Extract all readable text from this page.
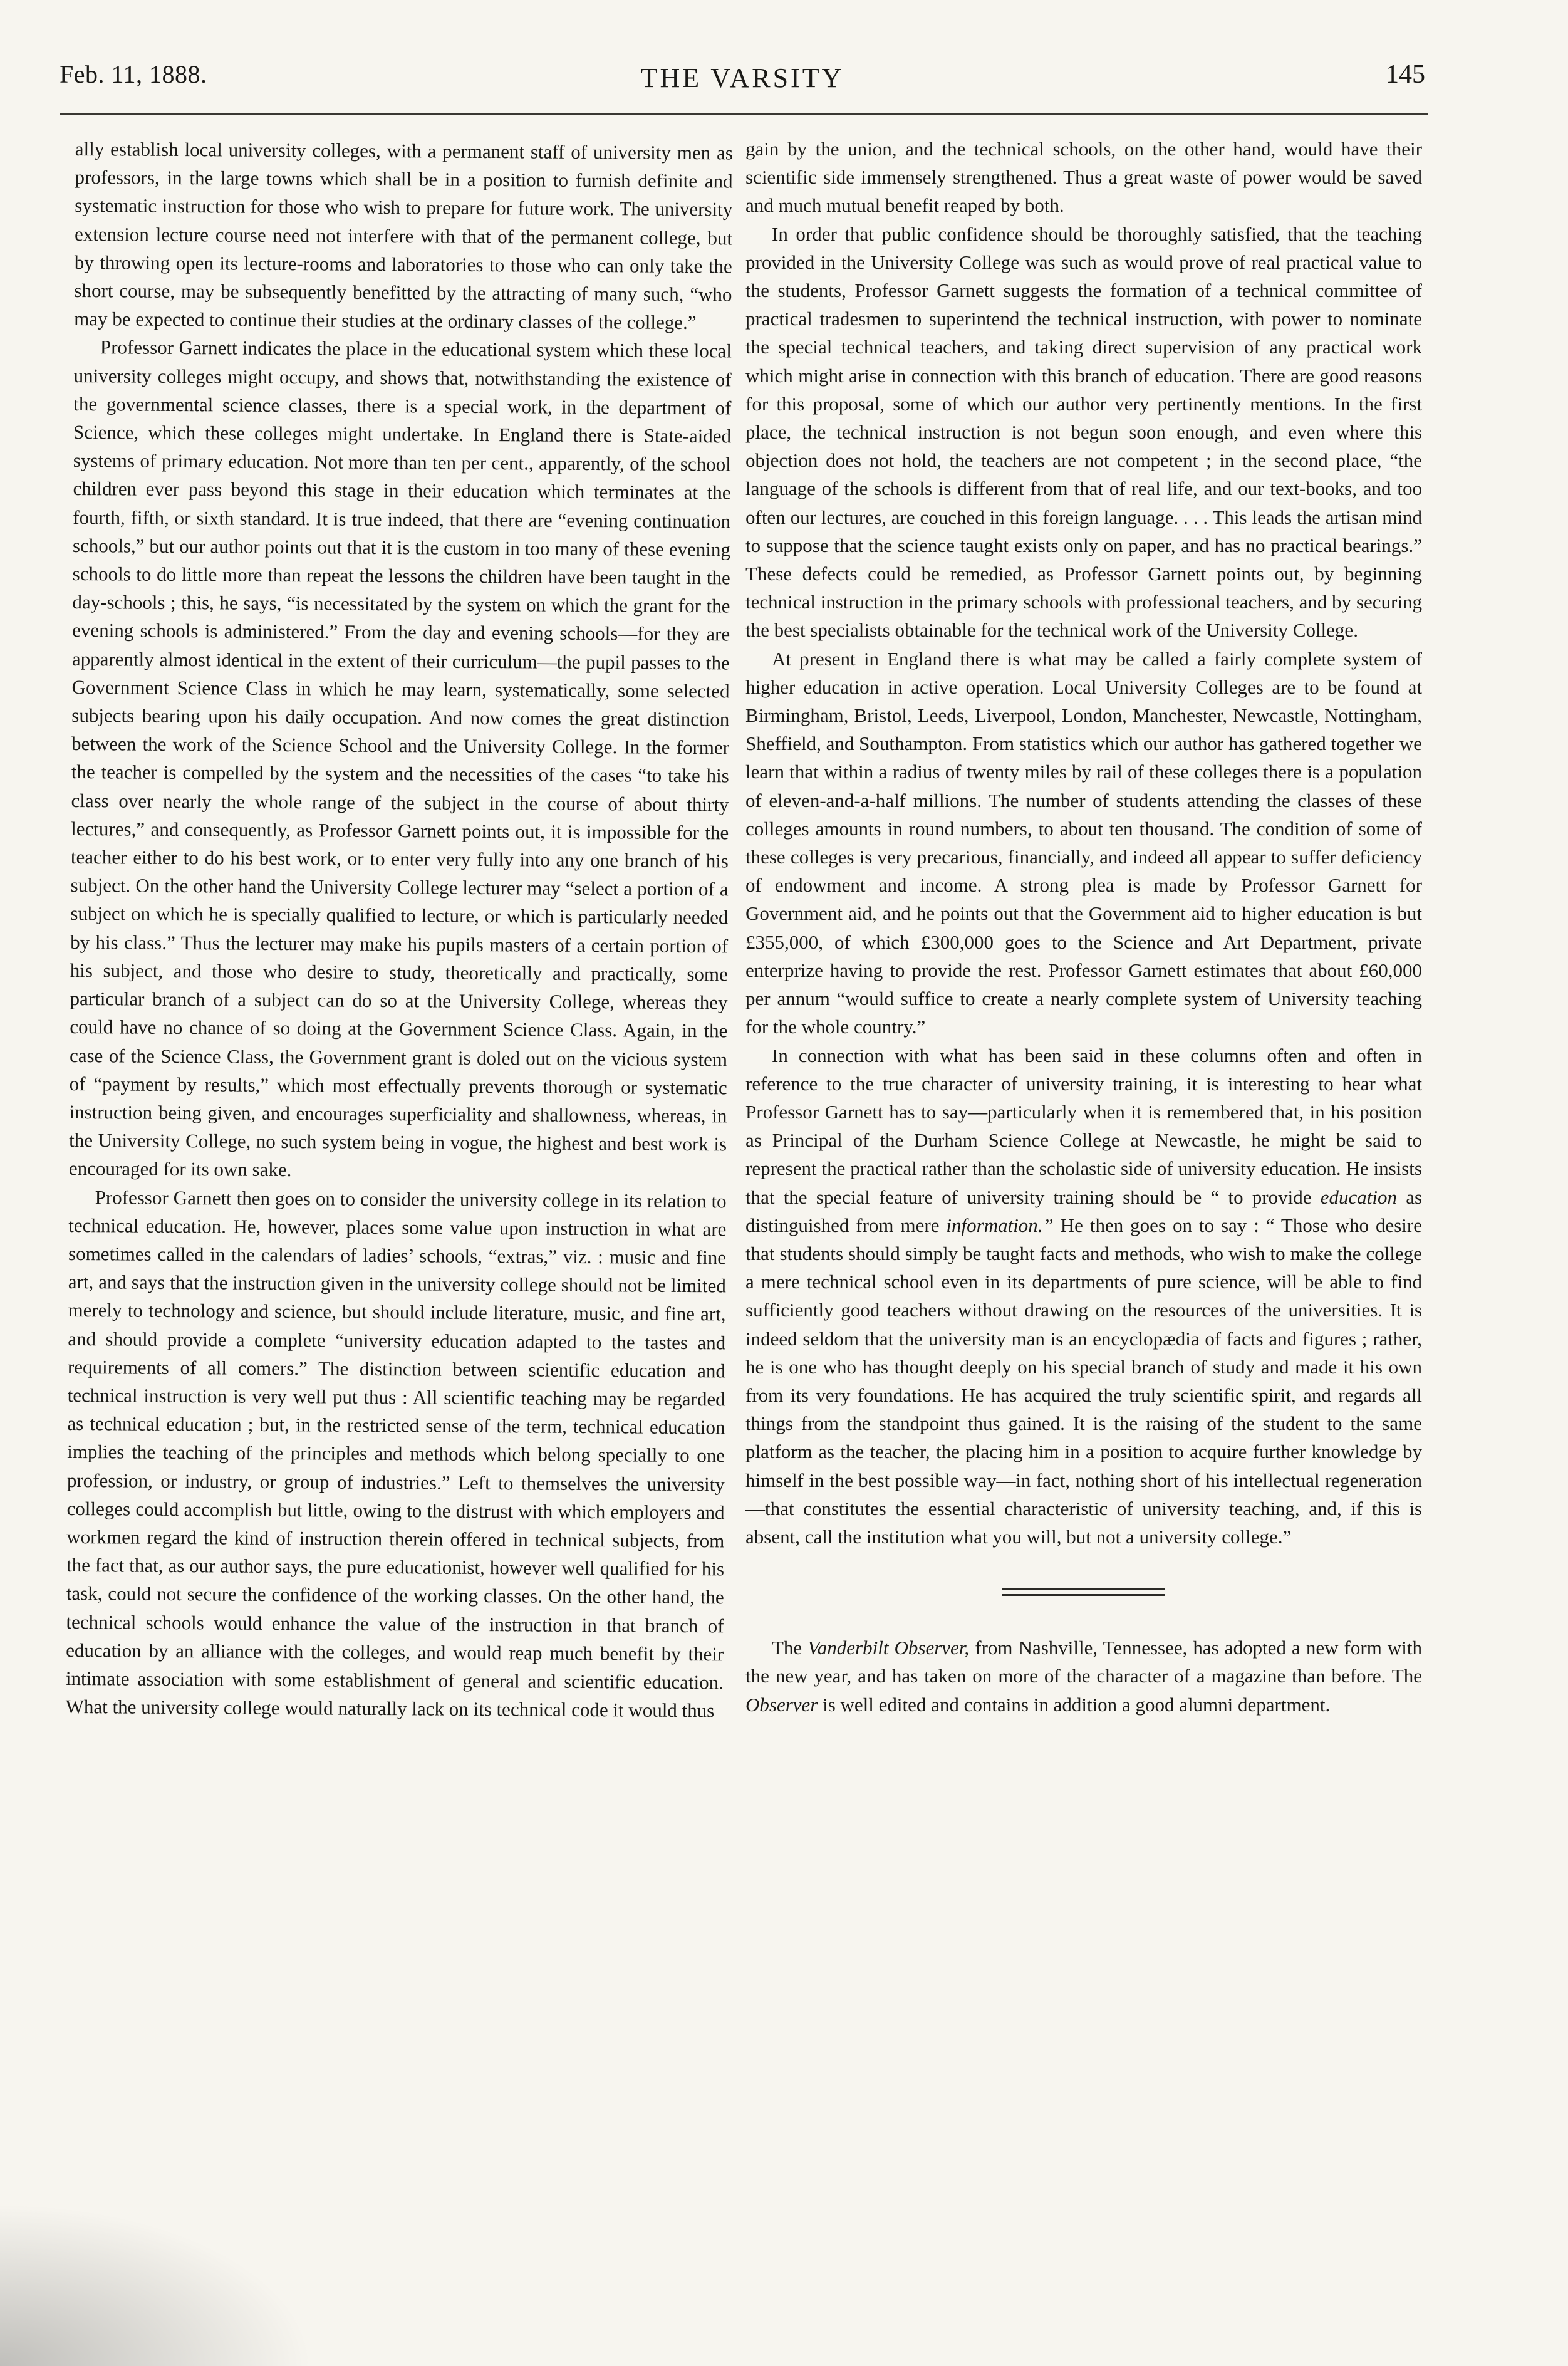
Feb. 11, 1888.	THE VARSITY	145

ally establish local university colleges, with a permanent staff of university men as professors, in the large towns which shall be in a position to furnish definite and systematic instruction for those who wish to prepare for future work. The university extension lecture course need not interfere with that of the permanent college, but by throwing open its lecture-rooms and laboratories to those who can only take the short course, may be subsequently benefitted by the attracting of many such, “who may be expected to continue their studies at the ordinary classes of the college.”

Professor Garnett indicates the place in the educational system which these local university colleges might occupy, and shows that, notwithstanding the existence of the governmental science classes, there is a special work, in the department of Science, which these colleges might undertake. In England there is State-aided systems of primary education. Not more than ten per cent., apparently, of the school children ever pass beyond this stage in their education which terminates at the fourth, fifth, or sixth standard. It is true indeed, that there are “evening continuation schools,” but our author points out that it is the custom in too many of these evening schools to do little more than repeat the lessons the children have been taught in the day-schools ; this, he says, “is necessitated by the system on which the grant for the evening schools is administered.” From the day and evening schools—for they are apparently almost identical in the extent of their curriculum—the pupil passes to the Government Science Class in which he may learn, systematically, some selected subjects bearing upon his daily occupation. And now comes the great distinction between the work of the Science School and the University College. In the former the teacher is compelled by the system and the necessities of the cases “to take his class over nearly the whole range of the subject in the course of about thirty lectures,” and consequently, as Professor Garnett points out, it is impossible for the teacher either to do his best work, or to enter very fully into any one branch of his subject. On the other hand the University College lecturer may “select a portion of a subject on which he is specially qualified to lecture, or which is particularly needed by his class.” Thus the lecturer may make his pupils masters of a certain portion of his subject, and those who desire to study, theoretically and practically, some particular branch of a subject can do so at the University College, whereas they could have no chance of so doing at the Government Science Class. Again, in the case of the Science Class, the Government grant is doled out on the vicious system of “payment by results,” which most effectually prevents thorough or systematic instruction being given, and encourages superficiality and shallowness, whereas, in the University College, no such system being in vogue, the highest and best work is encouraged for its own sake.

Professor Garnett then goes on to consider the university college in its relation to technical education. He, however, places some value upon instruction in what are sometimes called in the calendars of ladies’ schools, “extras,” viz. : music and fine art, and says that the instruction given in the university college should not be limited merely to technology and science, but should include literature, music, and fine art, and should provide a complete “university education adapted to the tastes and requirements of all comers.” The distinction between scientific education and technical instruction is very well put thus : All scientific teaching may be regarded as technical education ; but, in the restricted sense of the term, technical education implies the teaching of the principles and methods which belong specially to one profession, or industry, or group of industries.” Left to themselves the university colleges could accomplish but little, owing to the distrust with which employers and workmen regard the kind of instruction therein offered in technical subjects, from the fact that, as our author says, the pure educationist, however well qualified for his task, could not secure the confidence of the working classes. On the other hand, the technical schools would enhance the value of the instruction in that branch of education by an alliance with the colleges, and would reap much benefit by their intimate association with some establishment of general and scientific education. What the university college would naturally lack on its technical code it would thus

gain by the union, and the technical schools, on the other hand, would have their scientific side immensely strengthened. Thus a great waste of power would be saved and much mutual benefit reaped by both.

In order that public confidence should be thoroughly satisfied, that the teaching provided in the University College was such as would prove of real practical value to the students, Professor Garnett suggests the formation of a technical committee of practical tradesmen to superintend the technical instruction, with power to nominate the special technical teachers, and taking direct supervision of any practical work which might arise in connection with this branch of education. There are good reasons for this proposal, some of which our author very pertinently mentions. In the first place, the technical instruction is not begun soon enough, and even where this objection does not hold, the teachers are not competent ; in the second place, “the language of the schools is different from that of real life, and our text-books, and too often our lectures, are couched in this foreign language. . . . This leads the artisan mind to suppose that the science taught exists only on paper, and has no practical bearings.” These defects could be remedied, as Professor Garnett points out, by beginning technical instruction in the primary schools with professional teachers, and by securing the best specialists obtainable for the technical work of the University College.

At present in England there is what may be called a fairly complete system of higher education in active operation. Local University Colleges are to be found at Birmingham, Bristol, Leeds, Liverpool, London, Manchester, Newcastle, Nottingham, Sheffield, and Southampton. From statistics which our author has gathered together we learn that within a radius of twenty miles by rail of these colleges there is a population of eleven-and-a-half millions. The number of students attending the classes of these colleges amounts in round numbers, to about ten thousand. The condition of some of these colleges is very precarious, financially, and indeed all appear to suffer deficiency of endowment and income. A strong plea is made by Professor Garnett for Government aid, and he points out that the Government aid to higher education is but £355,000, of which £300,000 goes to the Science and Art Department, private enterprize having to provide the rest. Professor Garnett estimates that about £60,000 per annum “would suffice to create a nearly complete system of University teaching for the whole country.”

In connection with what has been said in these columns often and often in reference to the true character of university training, it is interesting to hear what Professor Garnett has to say—particularly when it is remembered that, in his position as Principal of the Durham Science College at Newcastle, he might be said to represent the practical rather than the scholastic side of university education. He insists that the special feature of university training should be “ to provide education as distinguished from mere information.” He then goes on to say : “ Those who desire that students should simply be taught facts and methods, who wish to make the college a mere technical school even in its departments of pure science, will be able to find sufficiently good teachers without drawing on the resources of the universities. It is indeed seldom that the university man is an encyclopædia of facts and figures ; rather, he is one who has thought deeply on his special branch of study and made it his own from its very foundations. He has acquired the truly scientific spirit, and regards all things from the standpoint thus gained. It is the raising of the student to the same platform as the teacher, the placing him in a position to acquire further knowledge by himself in the best possible way—in fact, nothing short of his intellectual regeneration—that constitutes the essential characteristic of university teaching, and, if this is absent, call the institution what you will, but not a university college.”

The Vanderbilt Observer, from Nashville, Tennessee, has adopted a new form with the new year, and has taken on more of the character of a magazine than before. The Observer is well edited and contains in addition a good alumni department.
